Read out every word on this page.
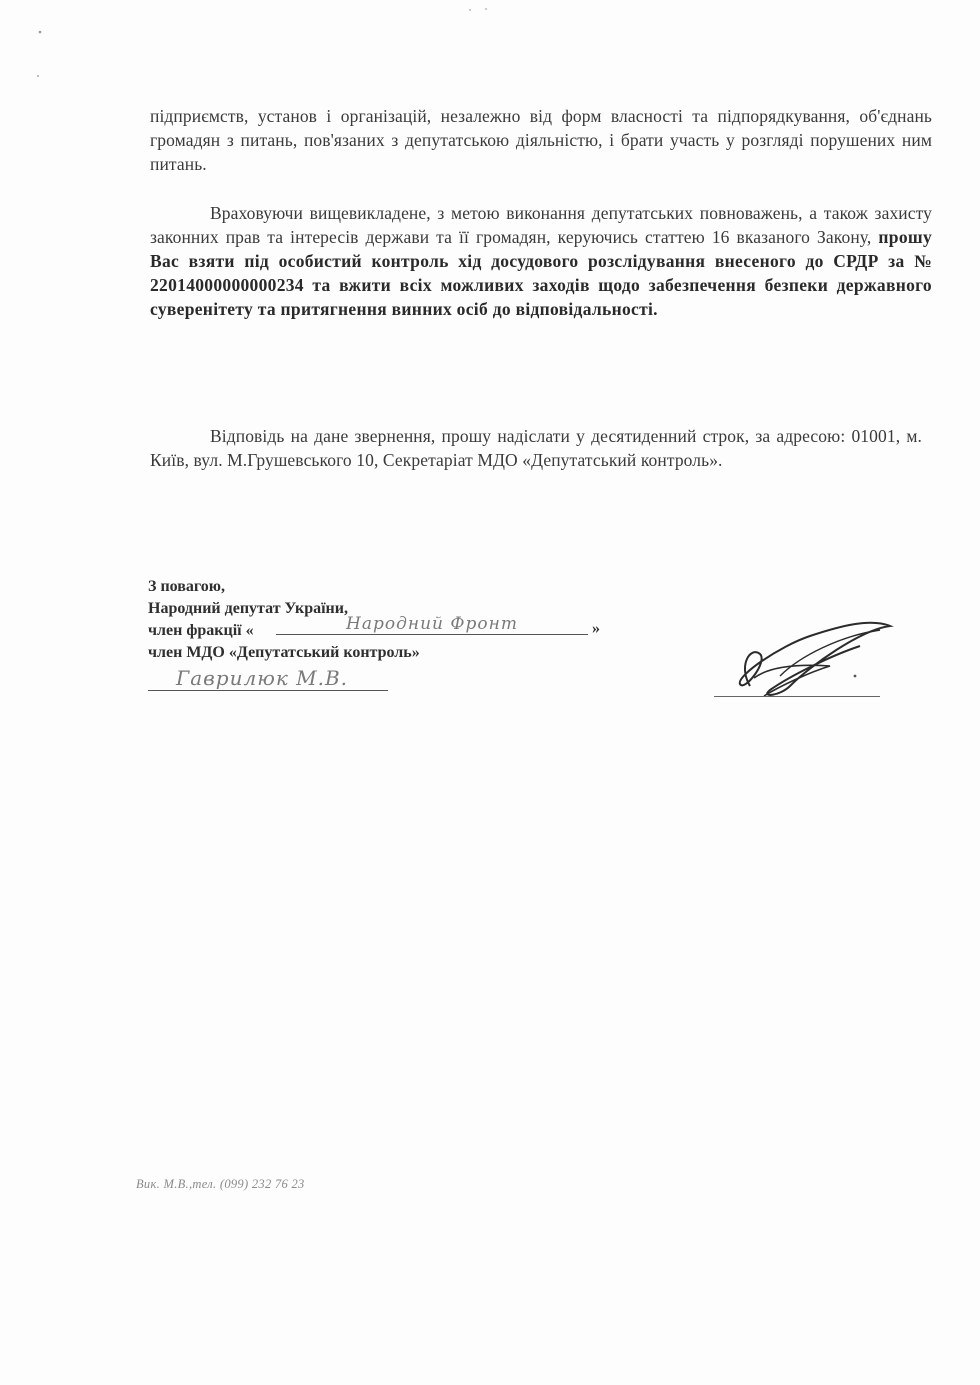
підприємств, установ і організацій, незалежно від форм власності та підпорядкування, об'єднань громадян з питань, пов'язаних з депутатською діяльністю, і брати участь у розгляді порушених ним питань.
Враховуючи вищевикладене, з метою виконання депутатських повноважень, а також захисту законних прав та інтересів держави та її громадян, керуючись статтею 16 вказаного Закону, прошу Вас взяти під особистий контроль хід досудового розслідування внесеного до СРДР за № 22014000000000234 та вжити всіх можливих заходів щодо забезпечення безпеки державного суверенітету та притягнення винних осіб до відповідальності.
Відповідь на дане звернення, прошу надіслати у десятиденний строк, за адресою: 01001, м. Київ, вул. М.Грушевського 10, Секретаріат МДО «Депутатський контроль».
З повагою,
Народний депутат України,
член фракції «
член МДО «Депутатський контроль»
Народний Фронт	»
Гаврилюк М.В.
Вик. М.В.,тел. (099) 232 76 23
